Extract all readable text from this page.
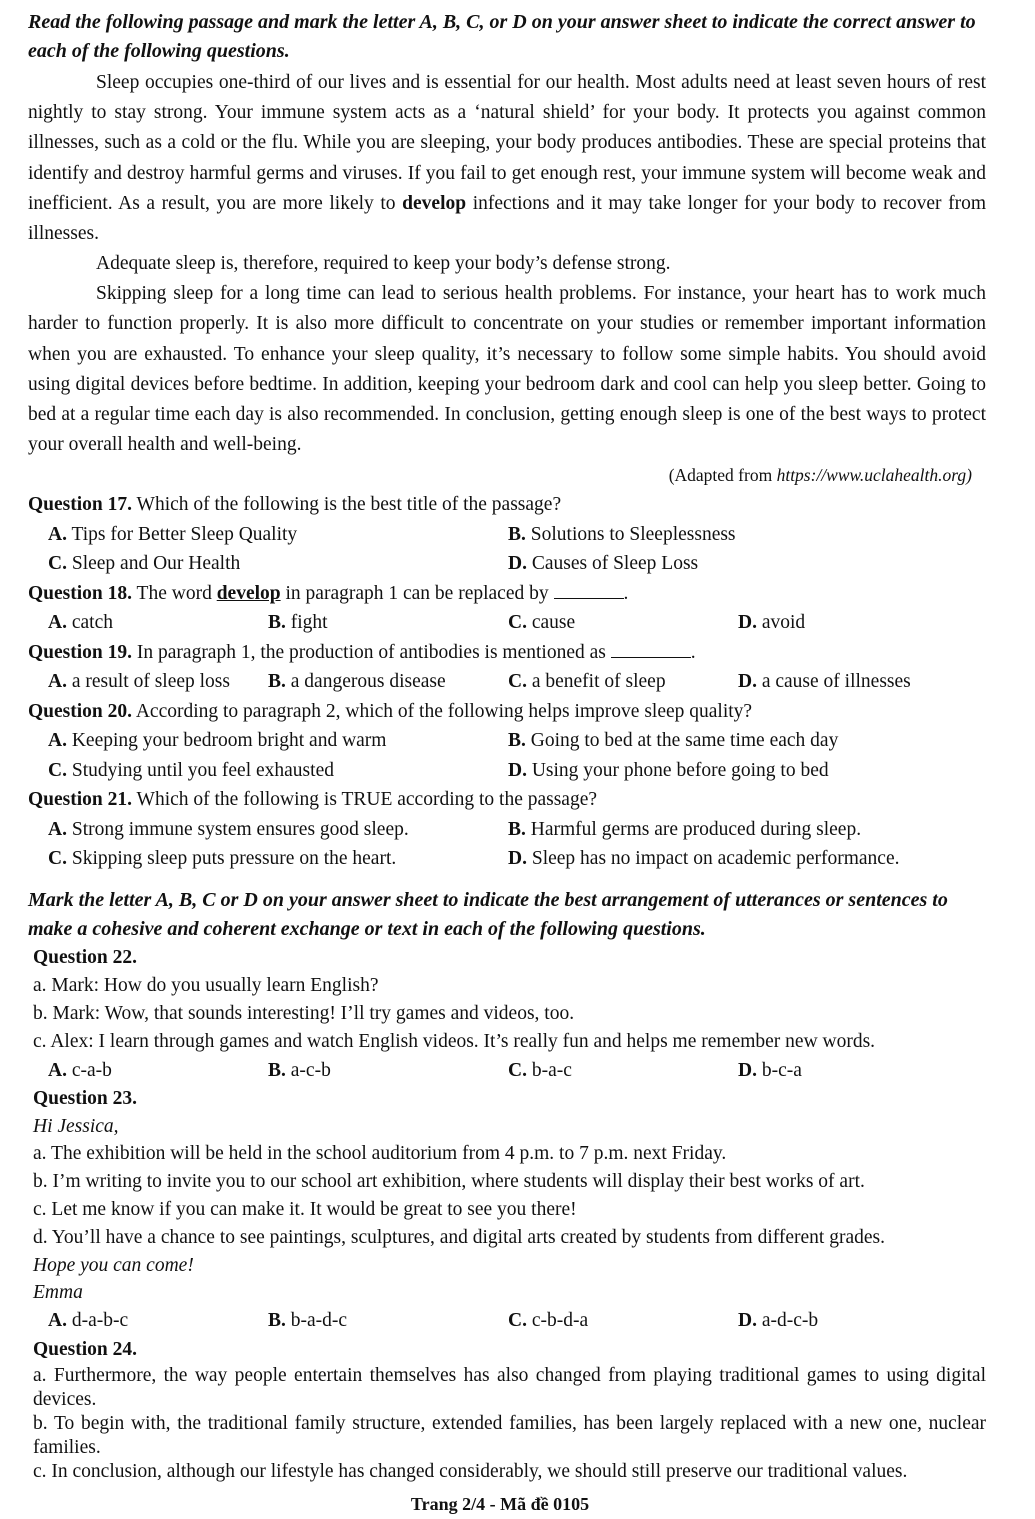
Read the following passage and mark the letter A, B, C, or D on your answer sheet to indicate the correct answer to each of the following questions.
Sleep occupies one-third of our lives and is essential for our health. Most adults need at least seven hours of rest nightly to stay strong. Your immune system acts as a ‘natural shield’ for your body. It protects you against common illnesses, such as a cold or the flu. While you are sleeping, your body produces antibodies. These are special proteins that identify and destroy harmful germs and viruses. If you fail to get enough rest, your immune system will become weak and inefficient. As a result, you are more likely to develop infections and it may take longer for your body to recover from illnesses.
Adequate sleep is, therefore, required to keep your body’s defense strong.
Skipping sleep for a long time can lead to serious health problems. For instance, your heart has to work much harder to function properly. It is also more difficult to concentrate on your studies or remember important information when you are exhausted. To enhance your sleep quality, it’s necessary to follow some simple habits. You should avoid using digital devices before bedtime. In addition, keeping your bedroom dark and cool can help you sleep better. Going to bed at a regular time each day is also recommended. In conclusion, getting enough sleep is one of the best ways to protect your overall health and well-being.
(Adapted from https://www.uclahealth.org)
Question 17. Which of the following is the best title of the passage?
A. Tips for Better Sleep Quality	B. Solutions to Sleeplessness
C. Sleep and Our Health	D. Causes of Sleep Loss
Question 18. The word develop in paragraph 1 can be replaced by	.
A. catch	B. fight	C. cause	D. avoid
Question 19. In paragraph 1, the production of antibodies is mentioned as	.
A. a result of sleep loss B. a dangerous disease	C. a benefit of sleep	D. a cause of illnesses
Question 20. According to paragraph 2, which of the following helps improve sleep quality?
A. Keeping your bedroom bright and warm	B. Going to bed at the same time each day
C. Studying until you feel exhausted	D. Using your phone before going to bed
Question 21. Which of the following is TRUE according to the passage?
A. Strong immune system ensures good sleep.	B. Harmful germs are produced during sleep.
C. Skipping sleep puts pressure on the heart.	D. Sleep has no impact on academic performance.
Mark the letter A, B, C or D on your answer sheet to indicate the best arrangement of utterances or sentences to make a cohesive and coherent exchange or text in each of the following questions.
Question 22.
a. Mark: How do you usually learn English?
b. Mark: Wow, that sounds interesting! I’ll try games and videos, too.
c. Alex: I learn through games and watch English videos. It’s really fun and helps me remember new words.
A. c-a-b	B. a-c-b	C. b-a-c	D. b-c-a
Question 23.
Hi Jessica,
a. The exhibition will be held in the school auditorium from 4 p.m. to 7 p.m. next Friday.
b. I’m writing to invite you to our school art exhibition, where students will display their best works of art.
c. Let me know if you can make it. It would be great to see you there!
d. You’ll have a chance to see paintings, sculptures, and digital arts created by students from different grades.
Hope you can come!
Emma
A. d-a-b-c	B. b-a-d-c	C. c-b-d-a	D. a-d-c-b
Question 24.
a. Furthermore, the way people entertain themselves has also changed from playing traditional games to using digital devices.
b. To begin with, the traditional family structure, extended families, has been largely replaced with a new one, nuclear families.
c. In conclusion, although our lifestyle has changed considerably, we should still preserve our traditional values.
Trang 2/4 - Mã đề 0105
